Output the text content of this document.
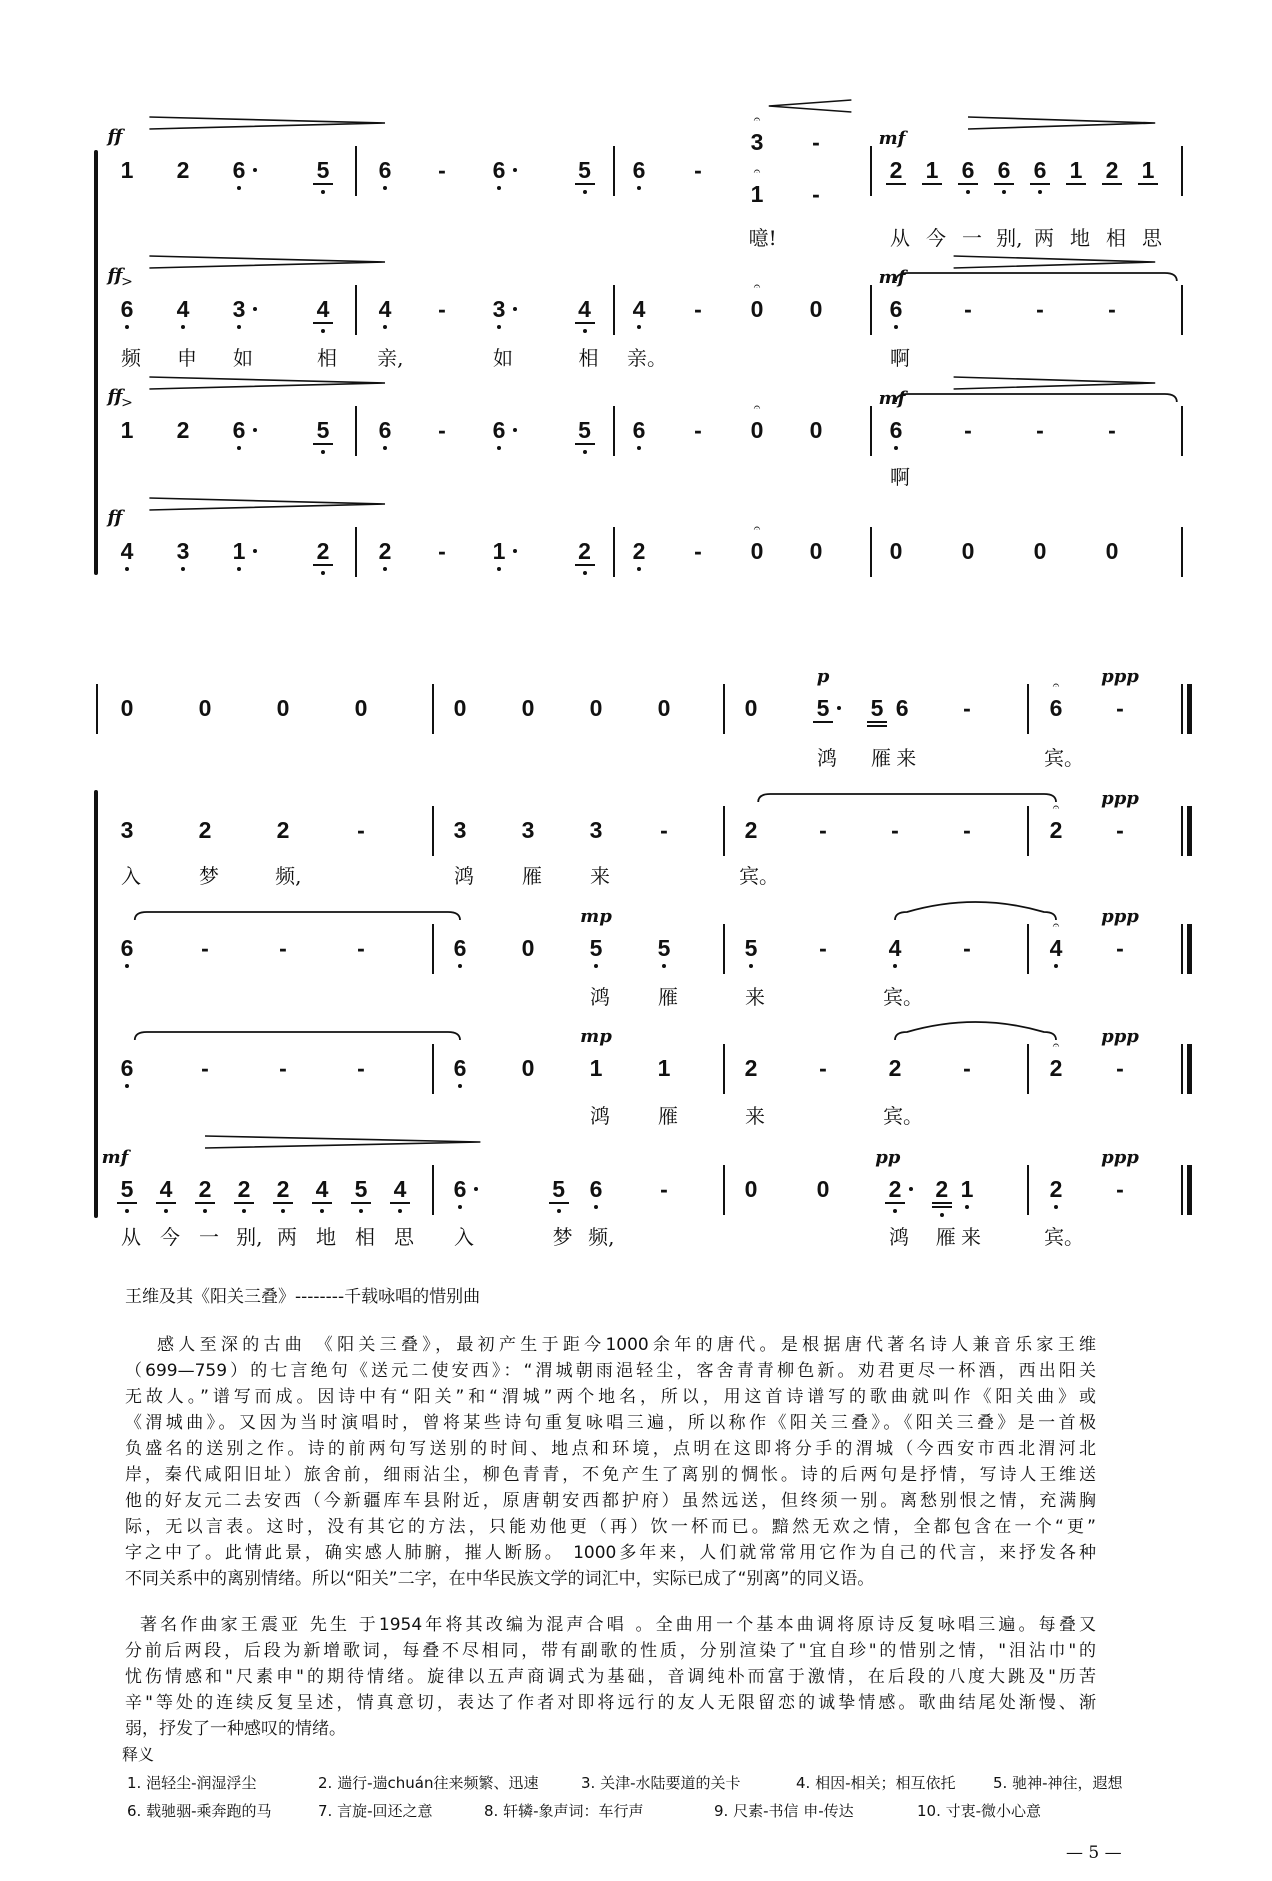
1 2 6	5 6 - 6	5 6 -
3
𝄐
1
𝄐
-
-
2 1 6 6 6 1 2 1
噫!	从 今 一 别, 两 地 相 思
ff	mf
6
>
4 3	4 4 - 3	4 4 - 0
𝄐
0	6	-	-	-
频 申 如	相 亲,	如	相 亲。	啊
ff	mf
1
>
2 6	5 6 - 6	5 6 - 0
𝄐
0	6	-	-	-
啊
ff	mf
4 3 1	2 2 - 1	2 2 - 0
𝄐
0	0	0	0	0
ff
0	0	0	0	0 0 0 0	0	5 5 6 -	6
𝄐
-
鸿 雁 来	宾。
p	ppp
3	2	2	-	3 3 3	-	2	-	-	-	2
𝄐
-
入	梦	频,	鸿 雁 来	宾。
ppp
6	-	-	-	6 0 5 5	5	-	4	-	4
𝄐
-
鸿 雁	来	宾。
mp	ppp
6	-	-	-	6 0 1 1	2	-	2	-	2
𝄐
-
鸿 雁	来	宾。
mp	ppp
5 4 2 2 2 4 5 4 6	5 6	-	0	0	2 2 1	2 -
从 今 一 别, 两 地 相 思 入	梦 频,	鸿 雁 来	宾。
mf	pp	ppp
王维及其《阳关三叠》--------千载咏唱的惜别曲
感人至深的古曲 《阳关三叠》，最初产生于距今1000余年的唐代。是根据唐代著名诗人兼音乐家王维
（699—759）的七言绝句《送元二使安西》：“渭城朝雨浥轻尘，客舍青青柳色新。劝君更尽一杯酒，西出阳关
无故人。”谱写而成。因诗中有“阳关”和“渭城”两个地名，所以，用这首诗谱写的歌曲就叫作《阳关曲》或
《渭城曲》。又因为当时演唱时，曾将某些诗句重复咏唱三遍，所以称作《阳关三叠》。《阳关三叠》是一首极
负盛名的送别之作。诗的前两句写送别的时间、地点和环境，点明在这即将分手的渭城（今西安市西北渭河北
岸，秦代咸阳旧址）旅舍前，细雨沾尘，柳色青青，不免产生了离别的惆怅。诗的后两句是抒情，写诗人王维送
他的好友元二去安西（今新疆库车县附近，原唐朝安西都护府）虽然远送，但终须一别。离愁别恨之情，充满胸
际，无以言表。这时，没有其它的方法，只能劝他更（再）饮一杯而已。黯然无欢之情，全都包含在一个“更”
字之中了。此情此景，确实感人肺腑，摧人断肠。 1000多年来，人们就常常用它作为自己的代言，来抒发各种
不同关系中的离别情绪。所以“阳关”二字，在中华民族文学的词汇中，实际已成了“别离”的同义语。
著名作曲家王震亚 先生 于1954年将其改编为混声合唱 。全曲用一个基本曲调将原诗反复咏唱三遍。每叠又
分前后两段，后段为新增歌词，每叠不尽相同，带有副歌的性质，分别渲染了"宜自珍"的惜别之情，"泪沾巾"的
忧伤情感和"尺素申"的期待情绪。旋律以五声商调式为基础，音调纯朴而富于激情，在后段的八度大跳及"历苦
辛"等处的连续反复呈述，情真意切，表达了作者对即将远行的友人无限留恋的诚挚情感。歌曲结尾处渐慢、渐
弱，抒发了一种感叹的情绪。
释义
1. 浥轻尘-润湿浮尘	2. 遄行-遄chuán往来频繁、迅速	3. 关津-水陆要道的关卡	4. 相因-相关；相互依托	5. 驰神-神往，遐想
6. 载驰骃-乘奔跑的马	7. 言旋-回还之意	8. 轩辚-象声词：车行声	9. 尺素-书信 申-传达	10. 寸衷-微小心意
— 5 —
